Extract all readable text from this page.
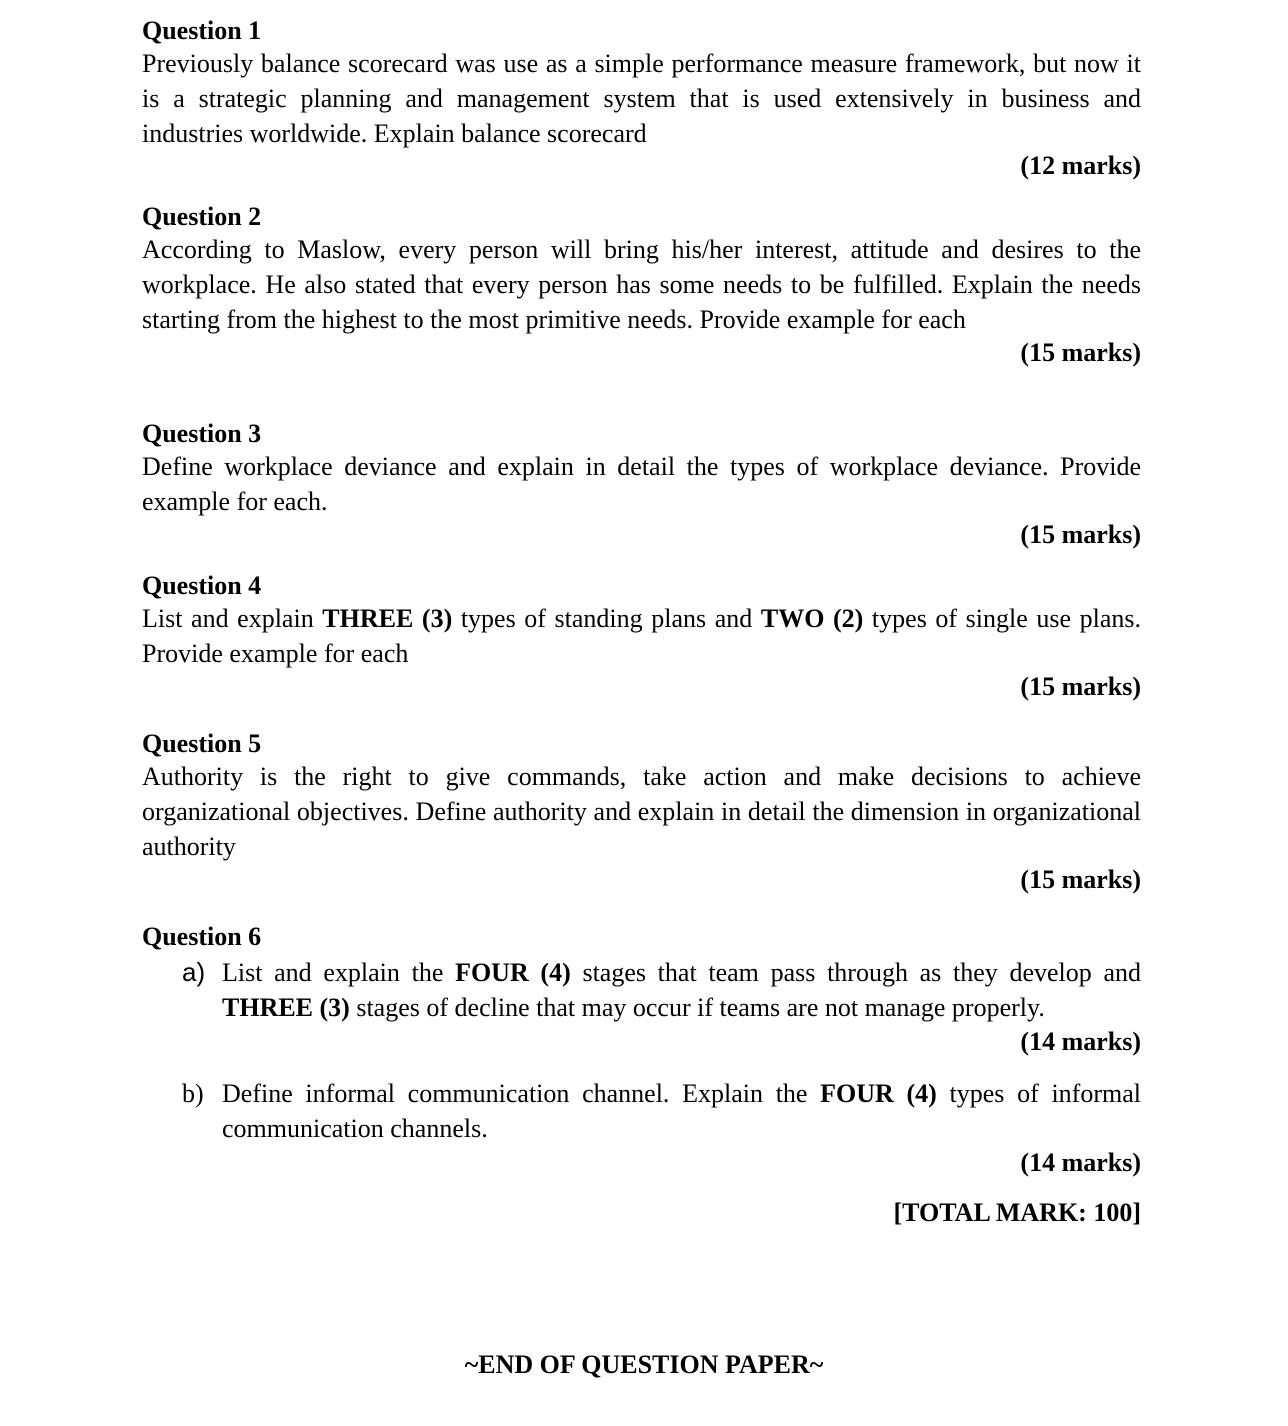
Question 1

Previously balance scorecard was use as a simple performance measure framework, but now it is a strategic planning and management system that is used extensively in business and industries worldwide. Explain balance scorecard

(12 marks)

Question 2

According to Maslow, every person will bring his/her interest, attitude and desires to the workplace. He also stated that every person has some needs to be fulfilled. Explain the needs starting from the highest to the most primitive needs. Provide example for each

(15 marks)

Question 3

Define workplace deviance and explain in detail the types of workplace deviance. Provide example for each.

(15 marks)

Question 4

List and explain THREE (3) types of standing plans and TWO (2) types of single use plans. Provide example for each

(15 marks)

Question 5

Authority is the right to give commands, take action and make decisions to achieve organizational objectives. Define authority and explain in detail the dimension in organizational authority

(15 marks)

Question 6

a) List and explain the FOUR (4) stages that team pass through as they develop and THREE (3) stages of decline that may occur if teams are not manage properly.
(14 marks)
b) Define informal communication channel. Explain the FOUR (4) types of informal communication channels.
(14 marks)
[TOTAL MARK: 100]
~END OF QUESTION PAPER~
